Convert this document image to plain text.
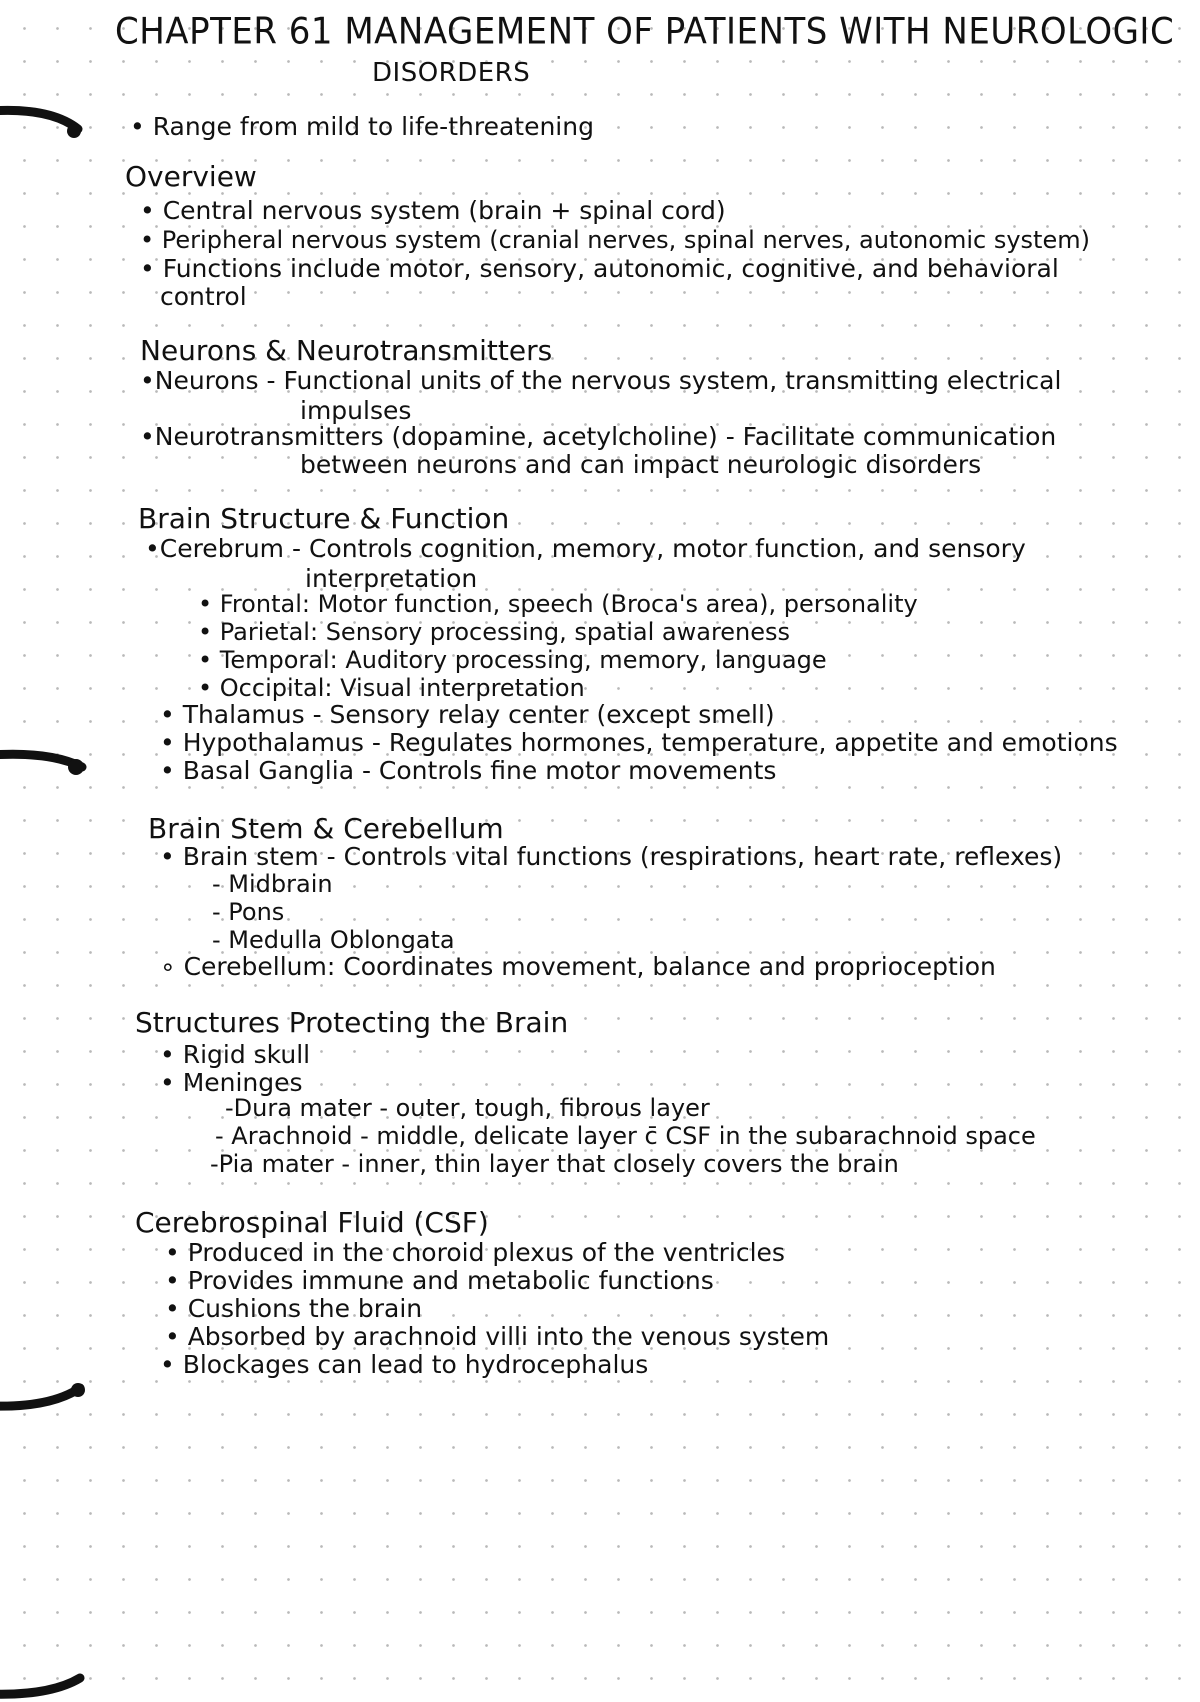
CHAPTER 61 MANAGEMENT OF PATIENTS WITH NEUROLOGIC
DISORDERS
• Range from mild to life-threatening
Overview
• Central nervous system (brain + spinal cord)
• Peripheral nervous system (cranial nerves, spinal nerves, autonomic system)
• Functions include motor, sensory, autonomic, cognitive, and behavioral
control
Neurons & Neurotransmitters
•Neurons - Functional units of the nervous system, transmitting electrical
impulses
•Neurotransmitters (dopamine, acetylcholine) - Facilitate communication
between neurons and can impact neurologic disorders
Brain Structure & Function
•Cerebrum - Controls cognition, memory, motor function, and sensory
interpretation
• Frontal: Motor function, speech (Broca's area), personality
• Parietal: Sensory processing, spatial awareness
• Temporal: Auditory processing, memory, language
• Occipital: Visual interpretation
• Thalamus - Sensory relay center (except smell)
• Hypothalamus - Regulates hormones, temperature, appetite and emotions
• Basal Ganglia - Controls fine motor movements
Brain Stem & Cerebellum
• Brain stem - Controls vital functions (respirations, heart rate, reflexes)
- Midbrain
- Pons
- Medulla Oblongata
∘ Cerebellum: Coordinates movement, balance and proprioception
Structures Protecting the Brain
• Rigid skull
• Meninges
-Dura mater - outer, tough, fibrous layer
- Arachnoid - middle, delicate layer c̄ CSF in the subarachnoid space
-Pia mater - inner, thin layer that closely covers the brain
Cerebrospinal Fluid (CSF)
• Produced in the choroid plexus of the ventricles
• Provides immune and metabolic functions
• Cushions the brain
• Absorbed by arachnoid villi into the venous system
• Blockages can lead to hydrocephalus
